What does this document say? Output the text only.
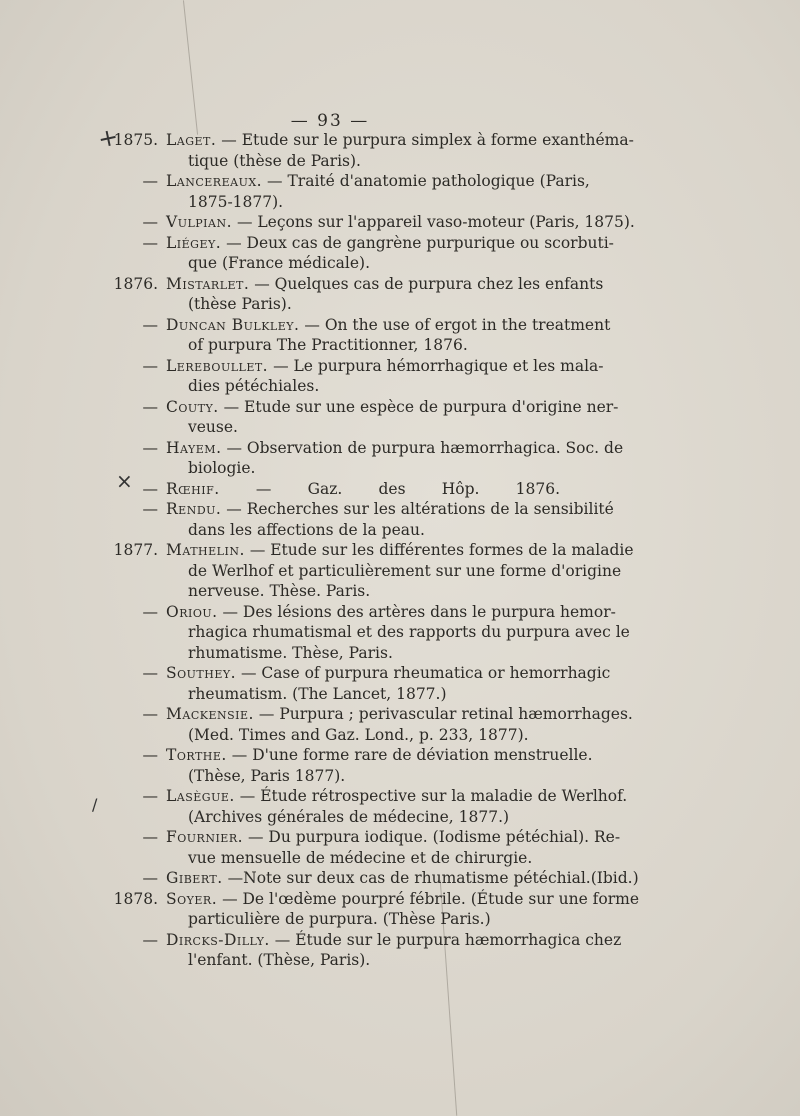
— 93 —
+
×
/
1875. Laget. — Etude sur le purpura simplex à forme exanthéma-
tique (thèse de Paris).
— Lancereaux. — Traité d'anatomie pathologique (Paris,
1875-1877).
— Vulpian. — Leçons sur l'appareil vaso-moteur (Paris, 1875).
— Liégey. — Deux cas de gangrène purpurique ou scorbuti-
que (France médicale).
1876. Mistarlet. — Quelques cas de purpura chez les enfants
(thèse Paris).
— Duncan Bulkley. — On the use of ergot in the treatment
of purpura The Practitionner, 1876.
— Lereboullet. — Le purpura hémorrhagique et les mala-
dies pétéchiales.
— Couty. — Etude sur une espèce de purpura d'origine ner-
veuse.
— Hayem. — Observation de purpura hæmorrhagica. Soc. de
biologie.
— Rœhif. — Gaz. des Hôp. 1876.
— Rendu. — Recherches sur les altérations de la sensibilité
dans les affections de la peau.
1877. Mathelin. — Etude sur les différentes formes de la maladie
de Werlhof et particulièrement sur une forme d'origine
nerveuse. Thèse. Paris.
— Oriou. — Des lésions des artères dans le purpura hemor-
rhagica rhumatismal et des rapports du purpura avec le
rhumatisme. Thèse, Paris.
— Southey. — Case of purpura rheumatica or hemorrhagic
rheumatism. (The Lancet, 1877.)
— Mackensie. — Purpura ; perivascular retinal hæmorrhages.
(Med. Times and Gaz. Lond., p. 233, 1877).
— Torthe. — D'une forme rare de déviation menstruelle.
(Thèse, Paris 1877).
— Lasègue. — Étude rétrospective sur la maladie de Werlhof.
(Archives générales de médecine, 1877.)
— Fournier. — Du purpura iodique. (Iodisme pétéchial). Re-
vue mensuelle de médecine et de chirurgie.
— Gibert. —Note sur deux cas de rhumatisme pétéchial.(Ibid.)
1878. Soyer. — De l'œdème pourpré fébrile. (Étude sur une forme
particulière de purpura. (Thèse Paris.)
— Dircks-Dilly. — Étude sur le purpura hæmorrhagica chez
l'enfant. (Thèse, Paris).
